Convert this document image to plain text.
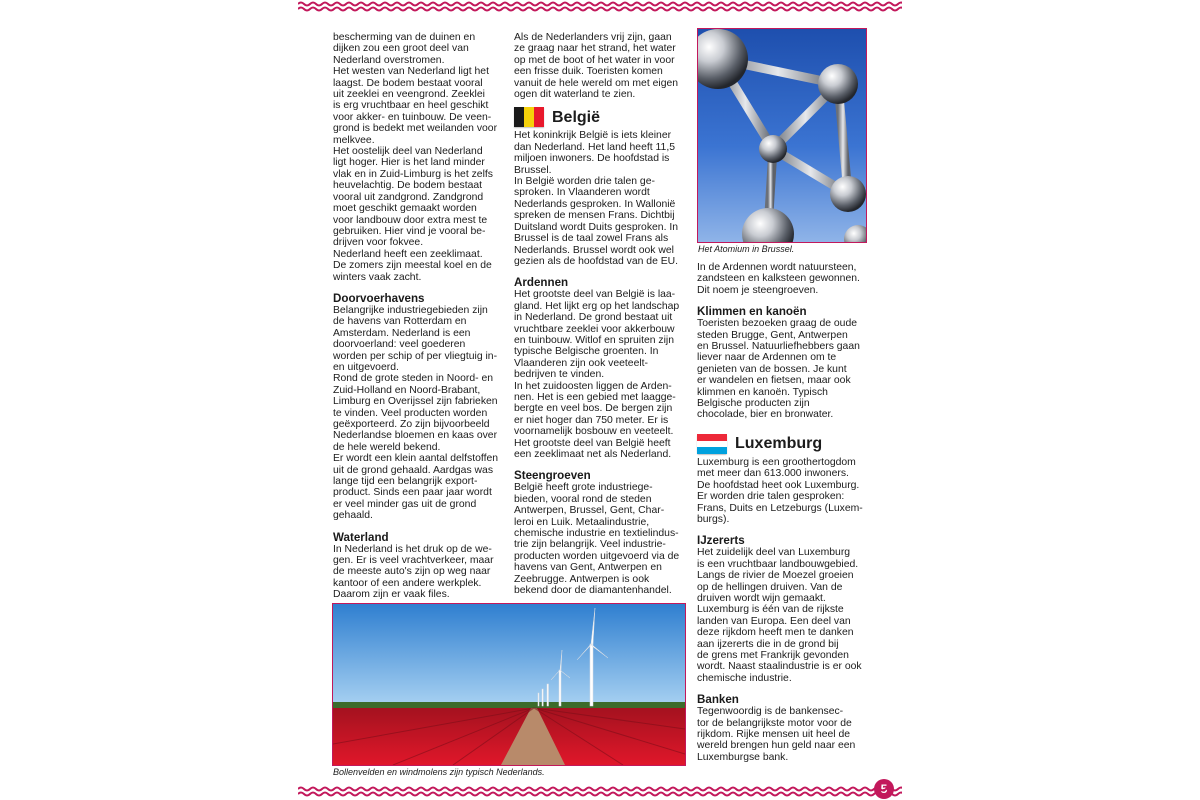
bescherming van de duinen en
dijken zou een groot deel van
Nederland overstromen.
Het westen van Nederland ligt het
laagst. De bodem bestaat vooral
uit zeeklei en veengrond. Zeeklei
is erg vruchtbaar en heel geschikt
voor akker- en tuinbouw. De veen-
grond is bedekt met weilanden voor
melkvee.
Het oostelijk deel van Nederland
ligt hoger. Hier is het land minder
vlak en in Zuid-Limburg is het zelfs
heuvelachtig. De bodem bestaat
vooral uit zandgrond. Zandgrond
moet geschikt gemaakt worden
voor landbouw door extra mest te
gebruiken. Hier vind je vooral be-
drijven voor fokvee.
Nederland heeft een zeeklimaat.
De zomers zijn meestal koel en de
winters vaak zacht.

Doorvoerhavens

Belangrijke industriegebieden zijn
de havens van Rotterdam en
Amsterdam. Nederland is een
doorvoerland: veel goederen
worden per schip of per vliegtuig in-
en uitgevoerd.
Rond de grote steden in Noord- en
Zuid-Holland en Noord-Brabant,
Limburg en Overijssel zijn fabrieken
te vinden. Veel producten worden
geëxporteerd. Zo zijn bijvoorbeeld
Nederlandse bloemen en kaas over
de hele wereld bekend.
Er wordt een klein aantal delfstoffen
uit de grond gehaald. Aardgas was
lange tijd een belangrijk export-
product. Sinds een paar jaar wordt
er veel minder gas uit de grond
gehaald.

Waterland

In Nederland is het druk op de we-
gen. Er is veel vrachtverkeer, maar
de meeste auto's zijn op weg naar
kantoor of een andere werkplek.
Daarom zijn er vaak files.

Als de Nederlanders vrij zijn, gaan
ze graag naar het strand, het water
op met de boot of het water in voor
een frisse duik. Toeristen komen
vanuit de hele wereld om met eigen
ogen dit waterland te zien.

België

Het koninkrijk België is iets kleiner
dan Nederland. Het land heeft 11,5
miljoen inwoners. De hoofdstad is
Brussel.
In België worden drie talen ge-
sproken. In Vlaanderen wordt
Nederlands gesproken. In Wallonië
spreken de mensen Frans. Dichtbij
Duitsland wordt Duits gesproken. In
Brussel is de taal zowel Frans als
Nederlands. Brussel wordt ook wel
gezien als de hoofdstad van de EU.

Ardennen

Het grootste deel van België is laa-
gland. Het lijkt erg op het landschap
in Nederland. De grond bestaat uit
vruchtbare zeeklei voor akkerbouw
en tuinbouw. Witlof en spruiten zijn
typische Belgische groenten. In
Vlaanderen zijn ook veeteelt-
bedrijven te vinden.
In het zuidoosten liggen de Arden-
nen. Het is een gebied met laagge-
bergte en veel bos. De bergen zijn
er niet hoger dan 750 meter. Er is
voornamelijk bosbouw en veeteelt.
Het grootste deel van België heeft
een zeeklimaat net als Nederland.

Steengroeven

België heeft grote industriege-
bieden, vooral rond de steden
Antwerpen, Brussel, Gent, Char-
leroi en Luik. Metaalindustrie,
chemische industrie en textielindus-
trie zijn belangrijk. Veel industrie-
producten worden uitgevoerd via de
havens van Gent, Antwerpen en
Zeebrugge. Antwerpen is ook
bekend door de diamantenhandel.

Het Atomium in Brussel.

In de Ardennen wordt natuursteen,
zandsteen en kalksteen gewonnen.
Dit noem je steengroeven.

Klimmen en kanoën

Toeristen bezoeken graag de oude
steden Brugge, Gent, Antwerpen
en Brussel. Natuurliefhebbers gaan
liever naar de Ardennen om te
genieten van de bossen. Je kunt
er wandelen en fietsen, maar ook
klimmen en kanoën. Typisch
Belgische producten zijn
chocolade, bier en bronwater.

Luxemburg

Luxemburg is een groothertogdom
met meer dan 613.000 inwoners.
De hoofdstad heet ook Luxemburg.
Er worden drie talen gesproken:
Frans, Duits en Letzeburgs (Luxem-
burgs).

IJzererts

Het zuidelijk deel van Luxemburg
is een vruchtbaar landbouwgebied.
Langs de rivier de Moezel groeien
op de hellingen druiven. Van de
druiven wordt wijn gemaakt.
Luxemburg is één van de rijkste
landen van Europa. Een deel van
deze rijkdom heeft men te danken
aan ijzererts die in de grond bij
de grens met Frankrijk gevonden
wordt. Naast staalindustrie is er ook
chemische industrie.

Banken

Tegenwoordig is de bankensec-
tor de belangrijkste motor voor de
rijkdom. Rijke mensen uit heel de
wereld brengen hun geld naar een
Luxemburgse bank.

Bollenvelden en windmolens zijn typisch Nederlands.
5
